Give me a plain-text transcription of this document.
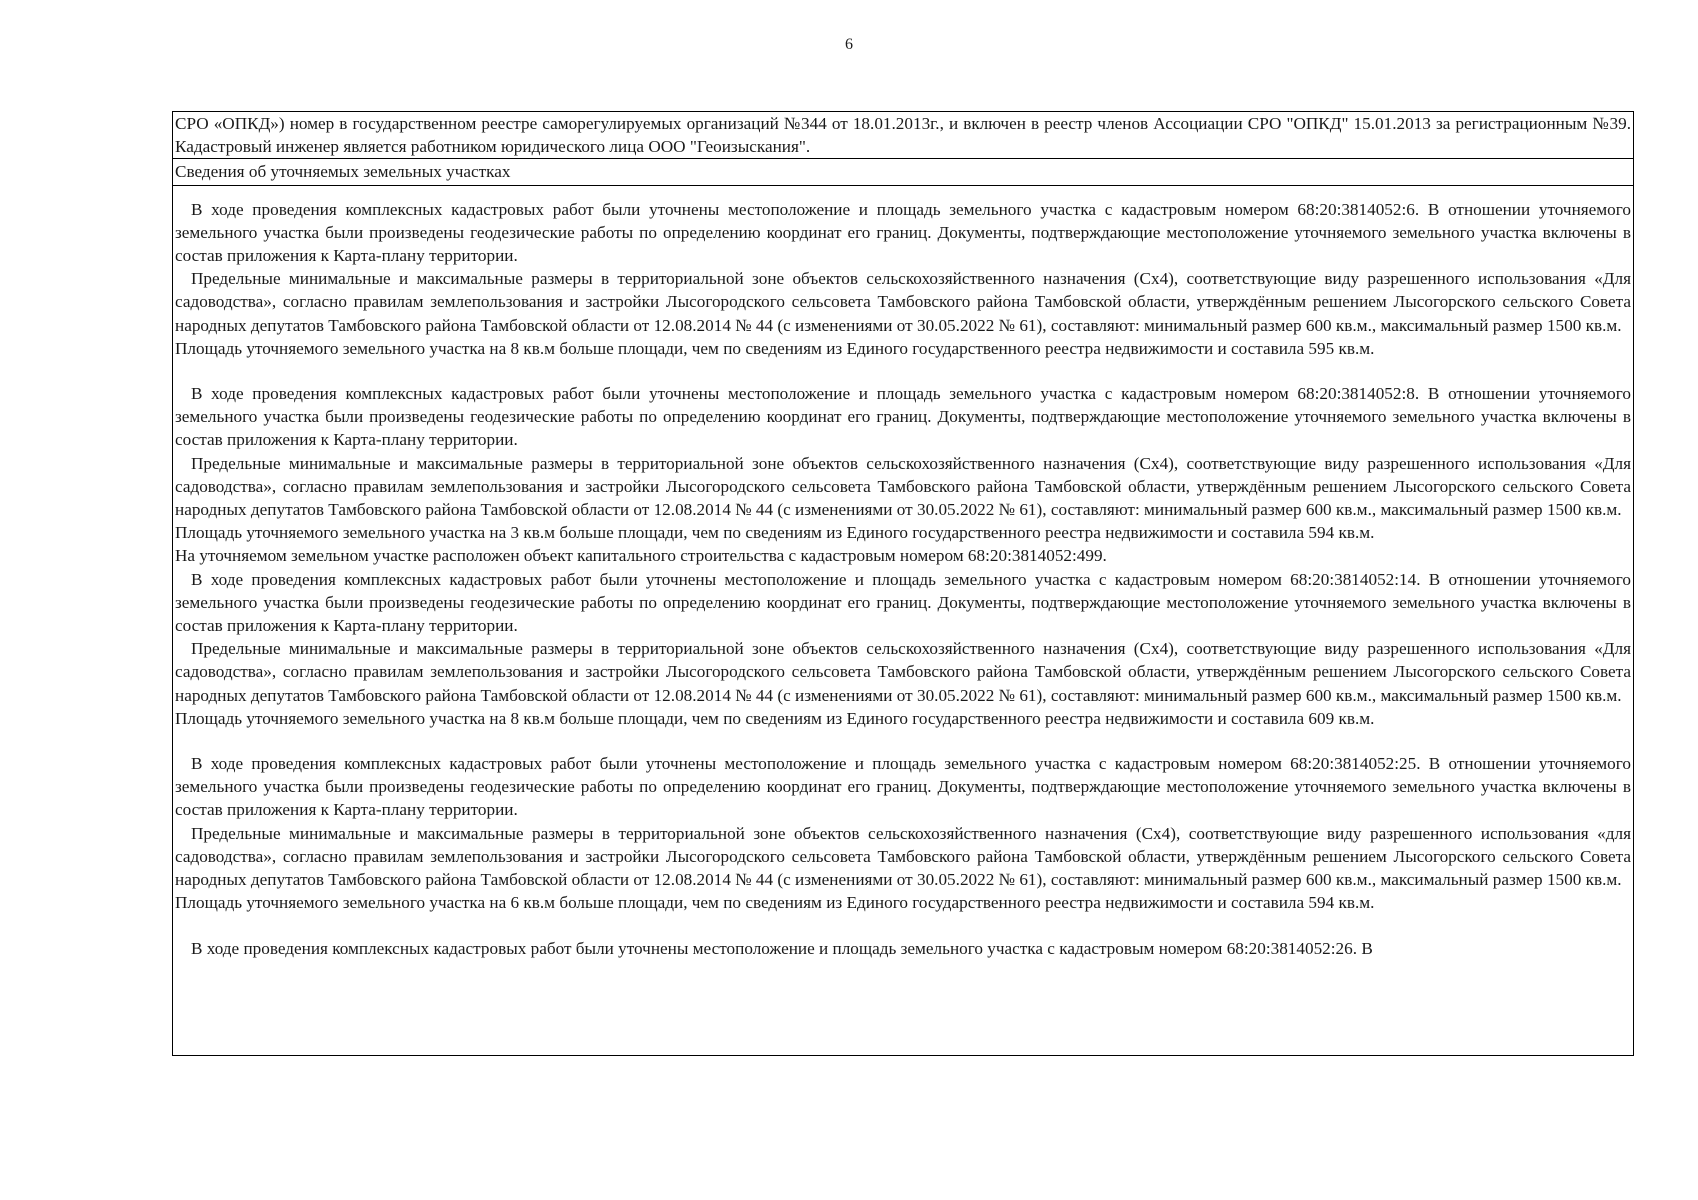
6

СРО «ОПКД») номер в государственном реестре саморегулируемых организаций №344 от 18.01.2013г., и включен в реестр членов Ассоциации СРО "ОПКД" 15.01.2013 за регистрационным №39. Кадастровый инженер является работником юридического лица ООО "Геоизыскания".

Сведения об уточняемых земельных участках

В ходе проведения комплексных кадастровых работ были уточнены местоположение и площадь земельного участка с кадастровым номером 68:20:3814052:6. В отношении уточняемого земельного участка были произведены геодезические работы по определению координат его границ. Документы, подтверждающие местоположение уточняемого земельного участка включены в состав приложения к Карта-плану территории.

Предельные минимальные и максимальные размеры в территориальной зоне объектов сельскохозяйственного назначения (Сх4), соответствующие виду разрешенного использования «Для садоводства», согласно правилам землепользования и застройки Лысогородского сельсовета Тамбовского района Тамбовской области, утверждённым решением Лысогорского сельского Совета народных депутатов Тамбовского района Тамбовской области от 12.08.2014 № 44 (с изменениями от 30.05.2022 № 61), составляют: минимальный размер 600 кв.м., максимальный размер 1500 кв.м.

Площадь уточняемого земельного участка на 8 кв.м больше площади, чем по сведениям из Единого государственного реестра недвижимости и составила 595 кв.м.

В ходе проведения комплексных кадастровых работ были уточнены местоположение и площадь земельного участка с кадастровым номером 68:20:3814052:8. В отношении уточняемого земельного участка были произведены геодезические работы по определению координат его границ. Документы, подтверждающие местоположение уточняемого земельного участка включены в состав приложения к Карта-плану территории.

Предельные минимальные и максимальные размеры в территориальной зоне объектов сельскохозяйственного назначения (Сх4), соответствующие виду разрешенного использования «Для садоводства», согласно правилам землепользования и застройки Лысогородского сельсовета Тамбовского района Тамбовской области, утверждённым решением Лысогорского сельского Совета народных депутатов Тамбовского района Тамбовской области от 12.08.2014 № 44 (с изменениями от 30.05.2022 № 61), составляют: минимальный размер 600 кв.м., максимальный размер 1500 кв.м.

Площадь уточняемого земельного участка на 3 кв.м больше площади, чем по сведениям из Единого государственного реестра недвижимости и составила 594 кв.м.

На уточняемом земельном участке расположен объект капитального строительства с кадастровым номером 68:20:3814052:499.

В ходе проведения комплексных кадастровых работ были уточнены местоположение и площадь земельного участка с кадастровым номером 68:20:3814052:14. В отношении уточняемого земельного участка были произведены геодезические работы по определению координат его границ. Документы, подтверждающие местоположение уточняемого земельного участка включены в состав приложения к Карта-плану территории.

Предельные минимальные и максимальные размеры в территориальной зоне объектов сельскохозяйственного назначения (Сх4), соответствующие виду разрешенного использования «Для садоводства», согласно правилам землепользования и застройки Лысогородского сельсовета Тамбовского района Тамбовской области, утверждённым решением Лысогорского сельского Совета народных депутатов Тамбовского района Тамбовской области от 12.08.2014 № 44 (с изменениями от 30.05.2022 № 61), составляют: минимальный размер 600 кв.м., максимальный размер 1500 кв.м.

Площадь уточняемого земельного участка на 8 кв.м больше площади, чем по сведениям из Единого государственного реестра недвижимости и составила 609 кв.м.

В ходе проведения комплексных кадастровых работ были уточнены местоположение и площадь земельного участка с кадастровым номером 68:20:3814052:25. В отношении уточняемого земельного участка были произведены геодезические работы по определению координат его границ. Документы, подтверждающие местоположение уточняемого земельного участка включены в состав приложения к Карта-плану территории.

Предельные минимальные и максимальные размеры в территориальной зоне объектов сельскохозяйственного назначения (Сх4), соответствующие виду разрешенного использования «для садоводства», согласно правилам землепользования и застройки Лысогородского сельсовета Тамбовского района Тамбовской области, утверждённым решением Лысогорского сельского Совета народных депутатов Тамбовского района Тамбовской области от 12.08.2014 № 44 (с изменениями от 30.05.2022 № 61), составляют: минимальный размер 600 кв.м., максимальный размер 1500 кв.м.

Площадь уточняемого земельного участка на 6 кв.м больше площади, чем по сведениям из Единого государственного реестра недвижимости и составила 594 кв.м.

В ходе проведения комплексных кадастровых работ были уточнены местоположение и площадь земельного участка с кадастровым номером 68:20:3814052:26. В
